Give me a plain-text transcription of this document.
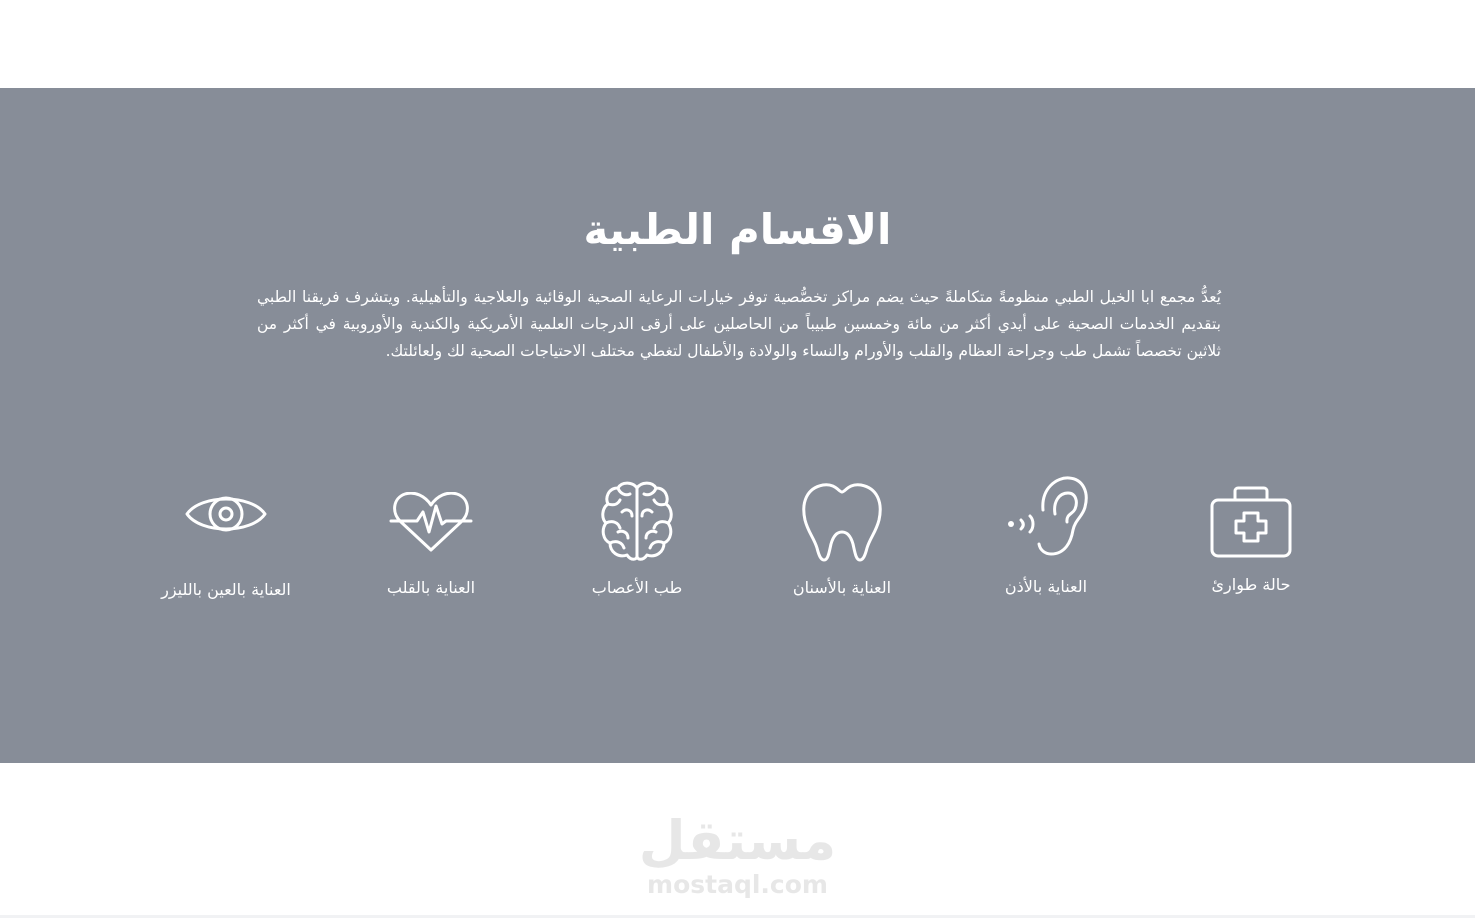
الاقسام الطبية

يُعدُّ مجمع ابا الخيل الطبي منظومةً متكاملةً حيث يضم مراكز تخصُّصية توفر خيارات الرعاية الصحية الوقائية والعلاجية والتأهيلية. ويتشرف فريقنا الطبي بتقديم الخدمات الصحية على أيدي أكثر من مائة وخمسين طبيباً من الحاصلين على أرقى الدرجات العلمية الأمريكية والكندية والأوروبية في أكثر من ثلاثين تخصصاً تشمل طب وجراحة العظام والقلب والأورام والنساء والولادة والأطفال لتغطي مختلف الاحتياجات الصحية لك ولعائلتك.

حالة طوارئ
العناية بالأذن
العناية بالأسنان
طب الأعصاب
العناية بالقلب
العناية بالعين بالليزر
مستقل
mostaql.com
